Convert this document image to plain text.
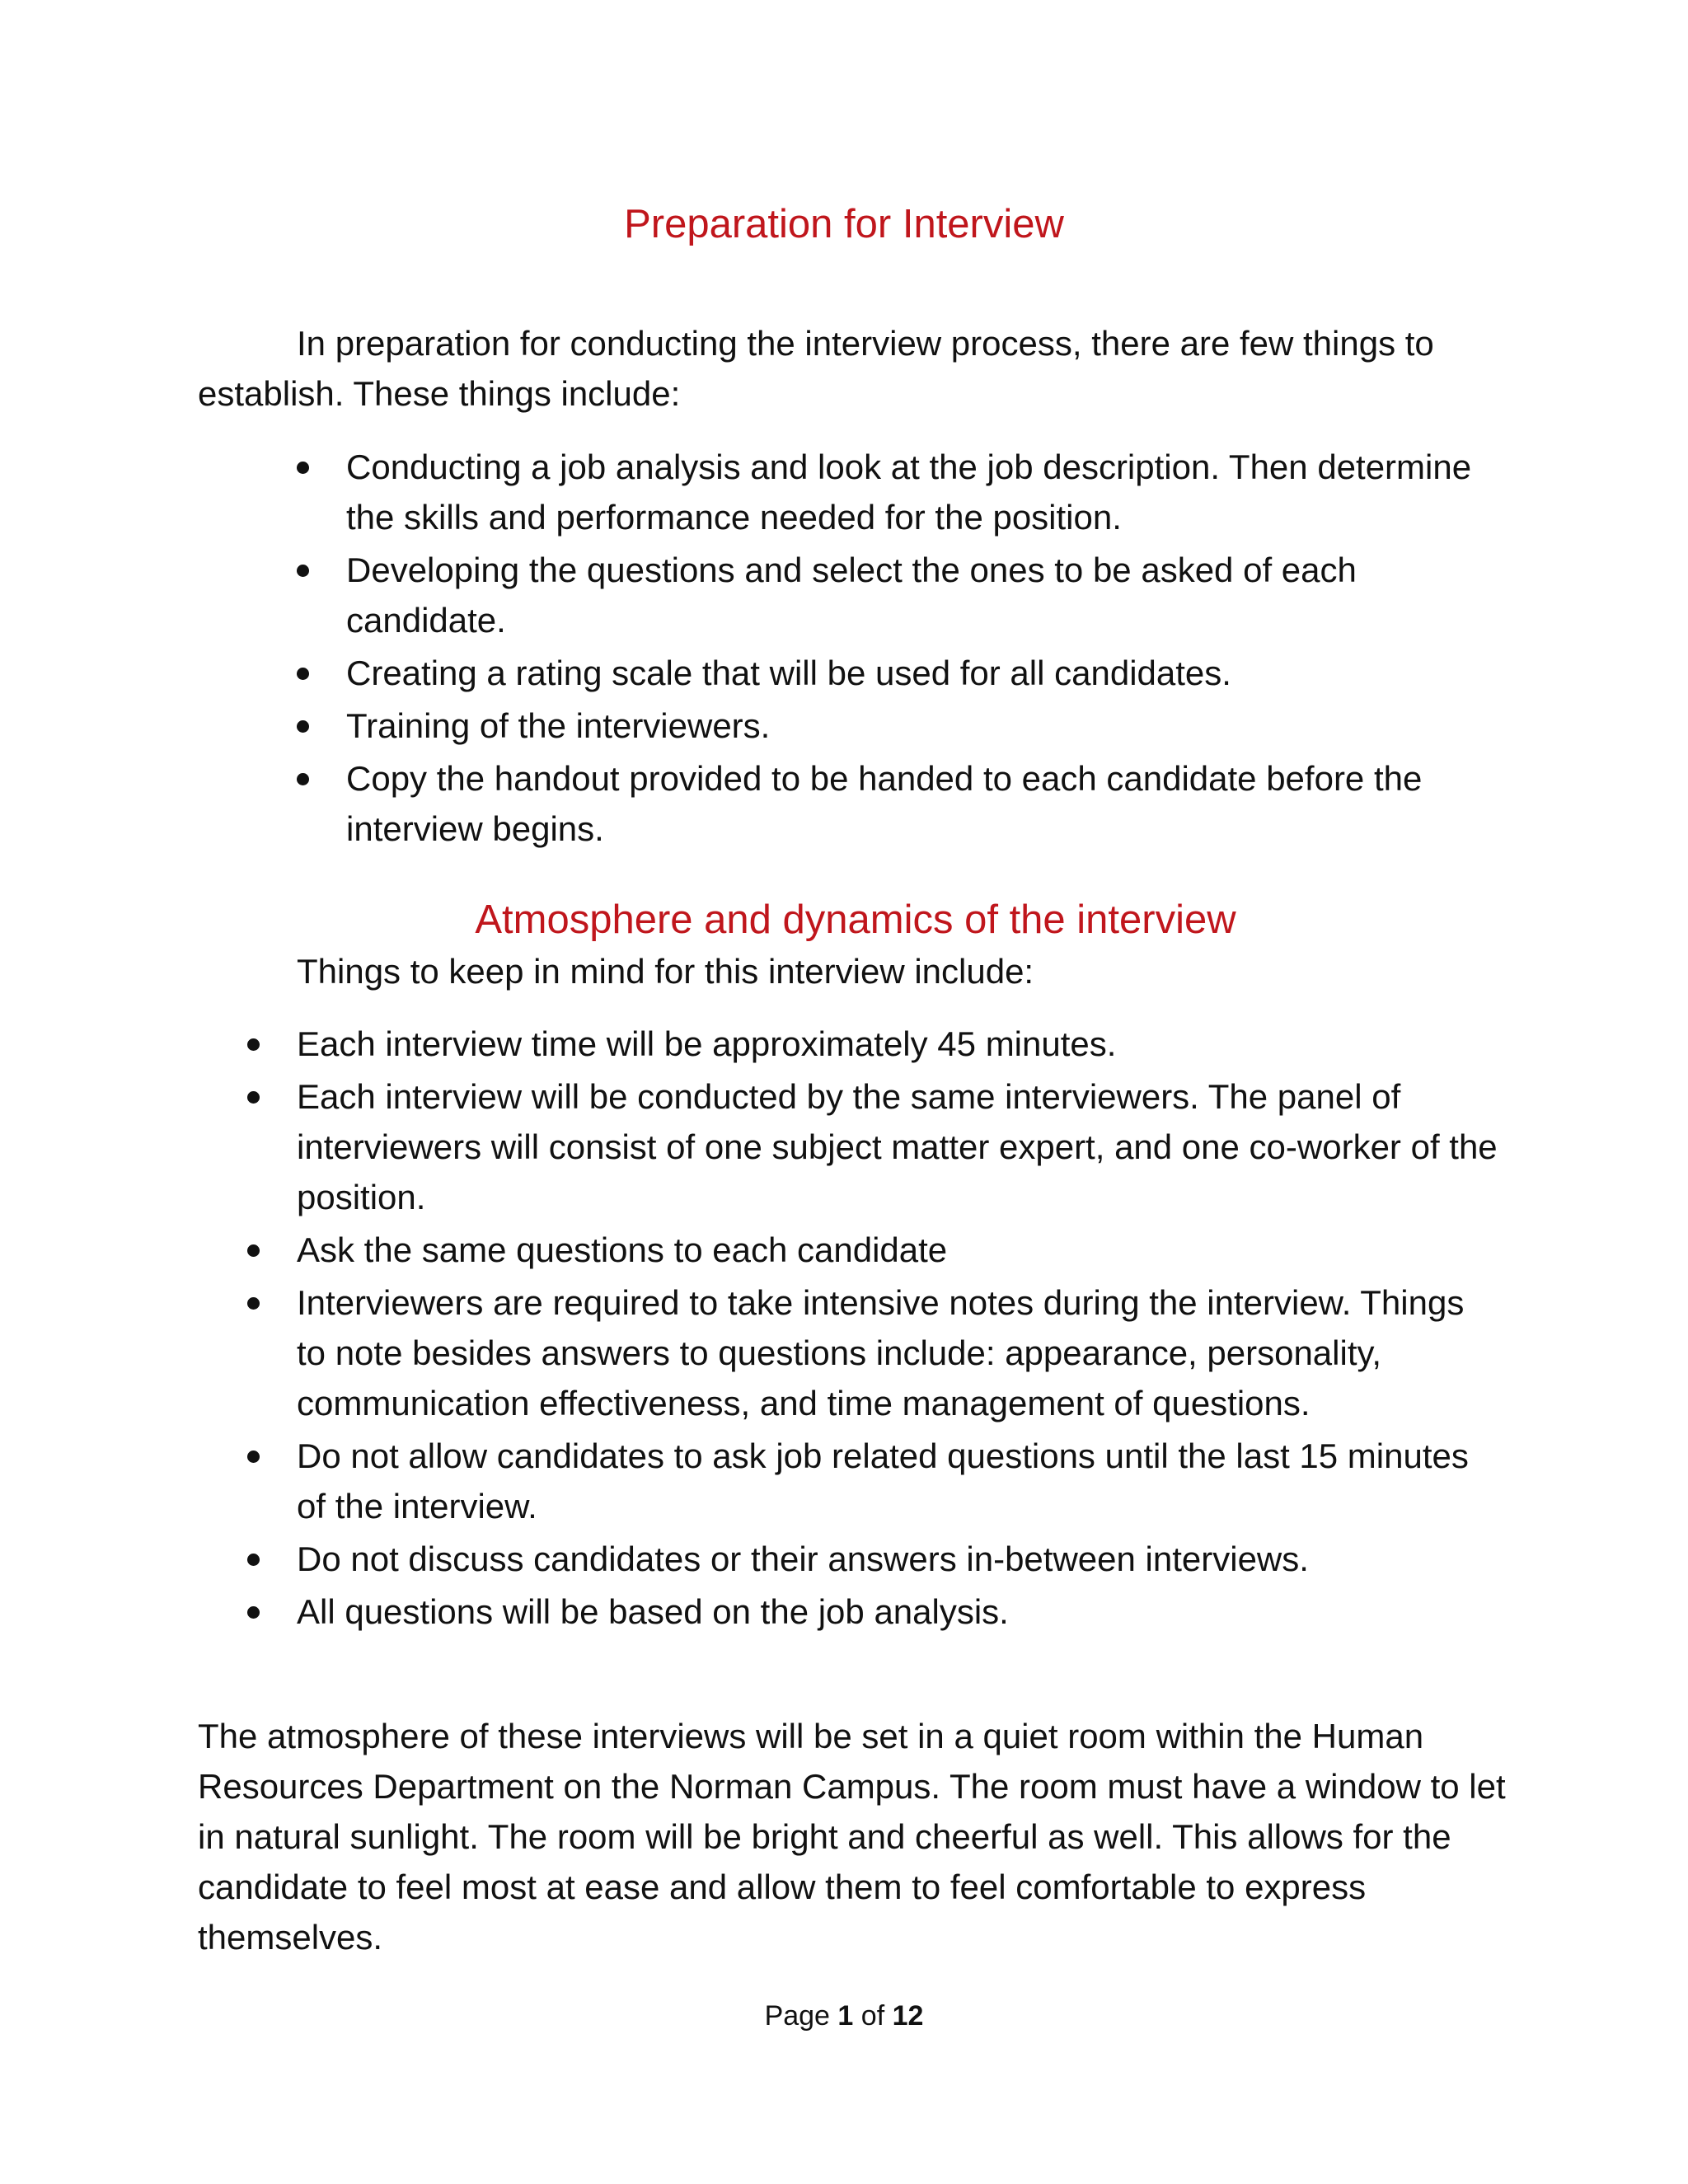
Preparation for Interview

In preparation for conducting the interview process, there are few things to establish. These things include:

Conducting a job analysis and look at the job description. Then determine the skills and performance needed for the position.
Developing the questions and select the ones to be asked of each candidate.
Creating a rating scale that will be used for all candidates.
Training of the interviewers.
Copy the handout provided to be handed to each candidate before the interview begins.
Atmosphere and dynamics of the interview

Things to keep in mind for this interview include:

Each interview time will be approximately 45 minutes.
Each interview will be conducted by the same interviewers. The panel of interviewers will consist of one subject matter expert, and one co-worker of the position.
Ask the same questions to each candidate
Interviewers are required to take intensive notes during the interview. Things to note besides answers to questions include: appearance, personality, communication effectiveness, and time management of questions.
Do not allow candidates to ask job related questions until the last 15 minutes of the interview.
Do not discuss candidates or their answers in-between interviews.
All questions will be based on the job analysis.

The atmosphere of these interviews will be set in a quiet room within the Human Resources Department on the Norman Campus. The room must have a window to let in natural sunlight. The room will be bright and cheerful as well. This allows for the candidate to feel most at ease and allow them to feel comfortable to express themselves.

Page 1 of 12
